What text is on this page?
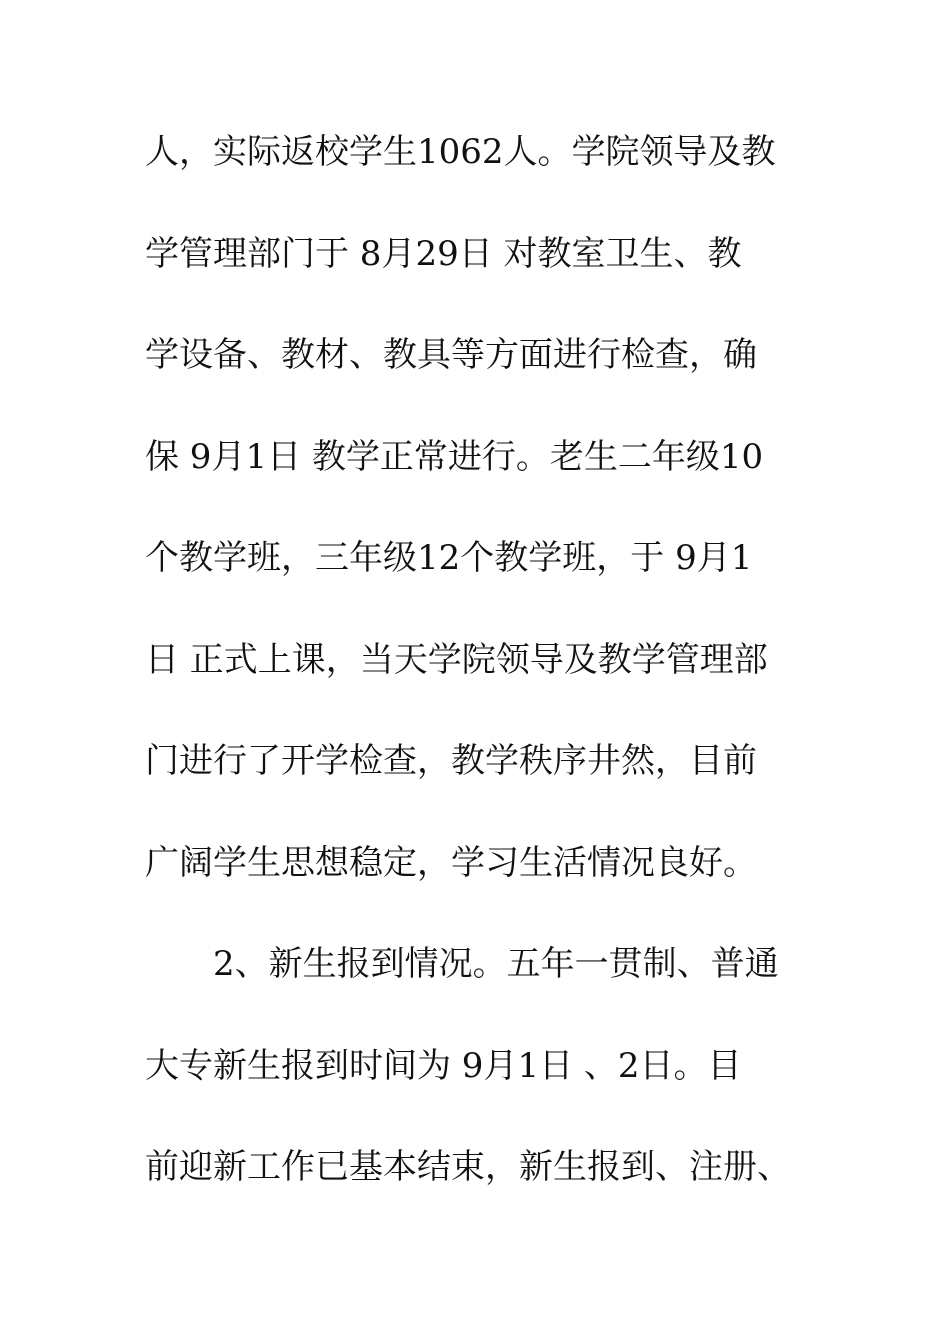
人，实际返校学生1062人。学院领导及教
学管理部门于 8月29日 对教室卫生、教
学设备、教材、教具等方面进行检查，确
保 9月1日 教学正常进行。老生二年级10
个教学班，三年级12个教学班，于 9月1
日 正式上课，当天学院领导及教学管理部
门进行了开学检查，教学秩序井然，目前
广阔学生思想稳定，学习生活情况良好。
2、新生报到情况。五年一贯制、普通
大专新生报到时间为 9月1日 、2日。目
前迎新工作已基本结束，新生报到、注册、
